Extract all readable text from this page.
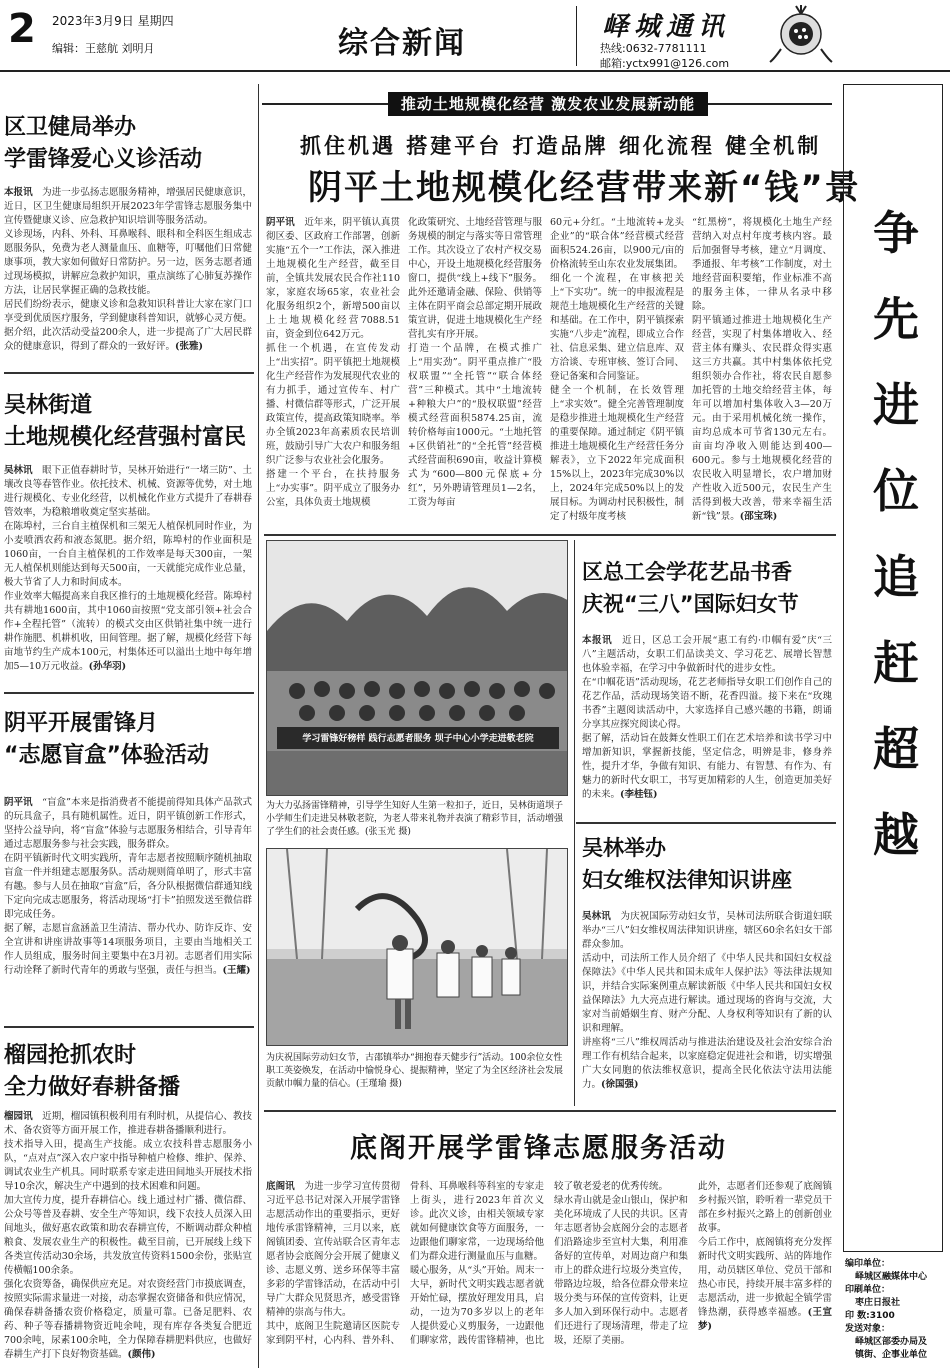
2 2023年3月9日 星期四
编辑：王慈航 刘明月	综合新闻	峄城通讯
热线:0632-7781111
邮箱:yctx991@126.com
推动土地规模化经营 激发农业发展新动能
区卫健局举办
学雷锋爱心义诊活动
本报讯　 为进一步弘扬志愿服务精神，增强居民健康意识，近日，区卫生健康局组织开展2023年学雷锋志愿服务集中宣传暨健康义诊、应急救护知识培训等服务活动。
义诊现场，内科、外科、耳鼻喉科、眼科和全科医生组成志愿服务队，免费为老人测量血压、血糖等，叮嘱他们日常健康事项，教大家如何做好日常防护。另一边，医务志愿者通过现场模拟，讲解应急救护知识，重点演练了心肺复苏操作方法，让居民掌握正确的急救技能。
居民们纷纷表示，健康义诊和急救知识科普让大家在家门口享受到优质医疗服务，学到健康科普知识，就够心灵方便。据介绍，此次活动受益200余人，进一步提高了广大居民群众的健康意识，得到了群众的一致好评。(张雅)
吴林街道
土地规模化经营强村富民
吴林讯　 眼下正值春耕时节，吴林开始进行“一堵三防”、土壤改良等春管作业。依托技术、机械、资源等优势，对土地进行规模化、专业化经营，以机械化作业方式提升了春耕春管效率，为稳粮增收奠定坚实基础。
在陈埠村，三台自主植保机和三架无人植保机同时作业，为小麦喷洒农药和液态氮肥。据介绍，陈埠村的作业面积是1060亩，一台自主植保机的工作效率是每天300亩，一架无人植保机则能达到每天500亩，一天就能完成作业总量，极大节省了人力和时间成本。
作业效率大幅提高来自我区推行的土地规模化经营。陈埠村共有耕地1600亩，其中1060亩按照“党支部引领+社会合作+全程托管”（流转）的模式交由区供销社集中统一进行耕作施肥、机耕机收，田间管理。据了解，规模化经营下每亩地节约生产成本100元，村集体还可以溢出土地中每年增加5—10万元收益。(孙华羽)
阴平开展雷锋月
“志愿盲盒”体验活动
阴平讯　 “盲盒”本来是指消费者不能提前得知具体产品款式的玩具盒子，具有随机属性。近日，阴平镇创新工作形式，坚持公益导向，将“盲盒”体验与志愿服务相结合，引导青年通过志愿服务参与社会实践，服务群众。
在阴平镇新时代文明实践所，青年志愿者按照顺序随机抽取盲盒一件并组建志愿服务队。活动规则简单明了，形式丰富有趣。参与人员在抽取“盲盒”后，各分队根据微信群通知线下定向完成志愿服务，将活动现场“打卡”拍照发送至微信群即完成任务。
据了解，志愿盲盒涵盖卫生清洁、帮办代办、防诈反诈、安全宣讲和讲座讲故事等14项服务项目，主要由当地相关工作人员组成，服务时间主要集中在3月初。志愿者们用实际行动诠释了新时代青年的勇敢与坚强，责任与担当。(王耀)
榴园抢抓农时
全力做好春耕备播
榴园讯　 近期，榴园镇积极利用有利时机，从提信心、教技术、备农资等方面开展工作，推进春耕备播顺利进行。
技术指导入田，提高生产技能。成立农技科普志愿服务小队，“点对点”深入农户家中指导种植户检修、维护、保养、调试农业生产机具。同时联系专家走进田间地头开展技术指导10余次，解决生产中遇到的技术困难和问题。
加大宣传力度，提升春耕信心。线上通过村广播、微信群、公众号等普及春耕、安全生产等知识，线下农技人员深入田间地头，做好惠农政策和助农春耕宣传，不断调动群众种植粮食、发展农业生产的积极性。截至目前，已开展线上线下各类宣传活动30余场，共发放宣传资料1500余份，张贴宣传横幅100余条。
强化农资筹备，确保供应充足。对农资经营门市摸底调查，按照实际需求量进一对接，动态掌握农资储备和供应情况，确保春耕备播农资价格稳定，质量可靠。已备足肥料、农药、种子等春播耕物资近吨余吨，现有库存各类复合肥近700余吨，尿素100余吨，全力保障春耕肥料供应，也做好春耕生产打下良好物资基础。(颜伟)
抓住机遇 搭建平台 打造品牌 细化流程 健全机制
阴平土地规模化经营带来新“钱”景
阴平讯　 近年来，阴平镇认真贯彻区委、区政府工作部署，创新实施“五个一”工作法，深入推进土地规模化生产经营，截至目前，全镇共发展农民合作社110家，家庭农场65家，农业社会化服务组织2个，新增500亩以上土地规模化经营7088.51亩，资金到位642万元。
抓住一个机遇，在宣传发动上“出实招”。阴平镇把土地规模化生产经营作为发展现代农业的有力抓手，通过宣传车、村广播、村微信群等形式，广泛开展政策宣传，提高政策知晓率。举办全镇2023年高素质农民培训班，鼓励引导广大农户和服务组织广泛参与农业社会化服务。
搭建一个平台，在扶持服务上“办实事”。阴平成立了服务办公室，具体负责土地规模
化政策研究、土地经营管理与服务规模的制定与落实等日常管理工作。其次设立了农村产权交易中心，开设土地规模化经营服务窗口，提供“线上+线下”服务。此外还邀请金融、保险、供销等主体在阴平商会总部定期开展政策宣讲，促进土地规模化生产经营扎实有序开展。
打造一个品牌，在模式推广上“用实劲”。阴平重点推广“股权联盟”“全托管”“联合体经营”三种模式。其中“土地流转+种粮大户”的“股权联盟”经营模式经营面积5874.25亩，流转价格每亩1000元。“土地托管+区供销社”的“全托管”经营模式经营面积690亩，收益计算模式为“600—800元保底+分红”，另外聘请管理员1—2名，工资为每亩
60元+分红。“土地流转+龙头企业”的“联合体”经营模式经营面积524.26亩，以900元/亩的价格流转至山东农业发展集团。
细化一个流程，在审核把关上“下实功”。统一的申报流程是规范土地规模化生产经营的关键和基础。在工作中，阴平镇探索实施“八步走”流程，即成立合作社、信息采集、建立信息库、双方洽谈、专班审核、签订合同、登记备案和合同鉴证。
健全一个机制，在长效管理上“求实效”。健全完善管理制度是稳步推进土地规模化生产经营的重要保障。通过制定《阴平镇推进土地规模化生产经营任务分解表》，立下2022年完成面积15%以上，2023年完成30%以上，2024年完成50%以上的发展目标。为调动村民积极性，制定了村级年度考核
“红黑榜”，将规模化土地生产经营纳入对点村年度考核内容。最后加强督导考核，建立“月调度、季通报、年考核”工作制度，对土地经营面积要缩，作业标准不高的服务主体，一律从名录中移除。
阴平镇通过推进土地规模化生产经营，实现了村集体增收入、经营主体有赚头、农民群众得实惠这三方共赢。其中村集体依托党组织领办合作社，将农民自愿参加托管的土地交给经营主体，每年可以增加村集体收入3—20万元。由于采用机械化统一操作，亩均总成本可节省130元左右。亩亩均净收入则能达到400—600元。参与土地规模化经营的农民收入明显增长，农户增加财产性收入近500元，农民生产生活得到极大改善，带来幸福生活新“钱”景。(邵宝珠)
学习雷锋好榜样 践行志愿者服务 坝子中心小学走进敬老院
为大力弘扬雷锋精神，引导学生知好人生第一粒扣子，近日，吴林街道坝子小学师生们走进吴林敬老院，为老人带来礼物并表演了精彩节目，活动增强了学生们的社会责任感。(张玉光 摄)
为庆祝国际劳动妇女节，古邵镇举办“拥抱春天健步行”活动。100余位女性职工英姿焕发，在活动中愉悦身心、提振精神，坚定了为全区经济社会发展贡献巾帼力量的信心。(王瑾瑜 摄)
区总工会学花艺品书香
庆祝“三八”国际妇女节
本报讯　 近日，区总工会开展“惠工有约·巾帼有爱”庆“三八”主题活动，女职工们品读美文、学习花艺、展增长智慧也体验幸福，在学习中争做新时代的进步女性。
在“巾帼花语”活动现场，花艺老师指导女职工们创作自己的花艺作品，活动现场笑语不断，花香四溢。接下来在“玫瑰书香”主题阅读活动中，大家选择自己感兴趣的书籍，朗诵分享其应探究阅读心得。
据了解，活动旨在鼓舞女性职工们在艺术培养和读书学习中增加新知识，掌握新技能，坚定信念，明辨是非，修身养性，提升才华，争做有知识、有能力、有智慧、有作为、有魅力的新时代女职工，书写更加精彩的人生，创造更加美好的未来。(李桂钰)
吴林举办
妇女维权法律知识讲座
吴林讯　 为庆祝国际劳动妇女节，吴林司法所联合街道妇联举办“三八”妇女维权周法律知识讲座，辖区60余名妇女干部群众参加。
活动中，司法所工作人员介绍了《中华人民共和国妇女权益保障法》《中华人民共和国未成年人保护法》等法律法规知识，并结合实际案例重点解读新版《中华人民共和国妇女权益保障法》九大亮点进行解读。通过现场的咨询与交流，大家对当前婚姻生育、财产分配、人身权利等知识有了新的认识和理解。
讲座将“三八”维权周活动与推进法治建设及社会治安综合治理工作有机结合起来，以家庭稳定促进社会和谐，切实增强广大女同胞的依法维权意识，提高全民化依法守法用法能力。(徐国强)
底阁开展学雷锋志愿服务活动
底阁讯　 为进一步学习宣传贯彻习近平总书记对深入开展学雷锋志愿活动作出的重要指示，更好地传承雷锋精神，三月以来，底阁镇团委、宣传站联合区青年志愿者协会底阁分会开展了健康义诊、志愿义剪、送乡环保等丰富多彩的学雷锋活动，在活动中引导广大群众见贤思齐，感受雷锋精神的崇高与伟大。
其中，底阁卫生院邀请区医院专家到阴平村，心内科、普外科、骨科、耳鼻喉科等科室的专家走上街头，进行2023年首次义诊。此次义诊，由相关领域专家就如何健康饮食等方面服务，一边跟他们聊家常，一边现场给他们为群众进行测量血压与血糖。
暖心服务，从“头”开始。周末一大早，新时代文明实践志愿者就开始忙碌，摆放好理发用具，启动，一边为70多岁以上的老年人提供爱心义剪服务，一边跟他们聊家常，践传雷锋精神，也比较了敬老爱老的优秀传统。
绿水青山就是金山银山，保护和美化环境成了人民的共识。区青年志愿者协会底阁分会的志愿者们沿路途步至宣村大集，利用准备好的宣传单，对周边商户和集市上的群众进行垃圾分类宣传，带路边垃圾，给各位群众带来垃圾分类与环保的宣传资料，让更多人加入到环保行动中。志愿者们还进行了现场清理，带走了垃圾，还原了美丽。
此外，志愿者们还参观了底阁镇乡村振兴馆，聆听着一辈党员干部在乡村振兴之路上的创新创业故事。
今后工作中，底阁镇将充分发挥新时代文明实践所、站的阵地作用，动员辖区单位、党员干部和热心市民，持续开展丰富多样的志愿活动，进一步掀起全镇学雷锋热潮，获得感幸福感。(王宣梦)
争先进位追赶超越
编印单位：
峄城区融媒体中心
印刷单位：
枣庄日报社
印 数:3100
发送对象：
峄城区部委办局及
镇街、企事业单位
